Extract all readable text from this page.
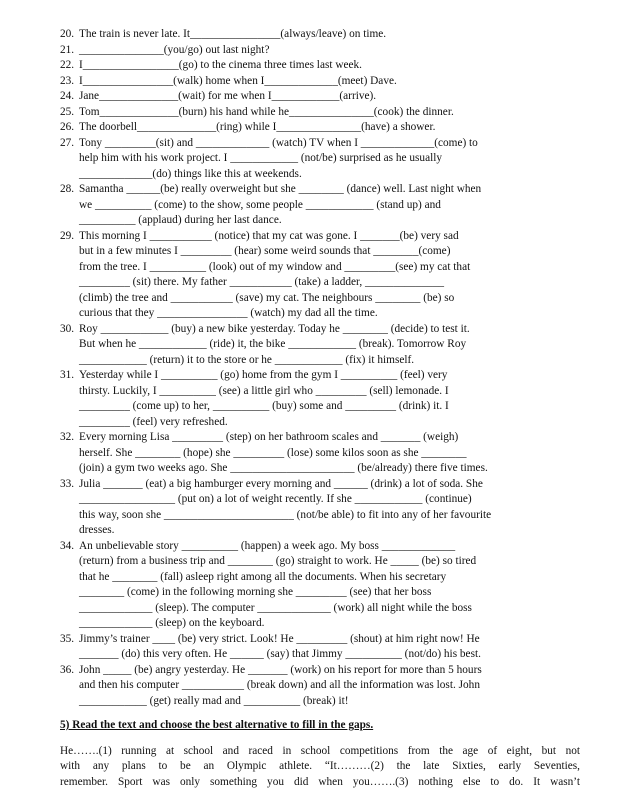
20. The train is never late. It________________(always/leave) on time.
21. _______________(you/go) out last night?
22. I_________________(go) to the cinema three times last week.
23. I________________(walk) home when I_____________(meet) Dave.
24. Jane______________(wait) for me when I____________(arrive).
25. Tom______________(burn) his hand while he_______________(cook) the dinner.
26. The doorbell______________(ring) while I_______________(have) a shower.
27. Tony _________(sit) and _____________ (watch) TV when I _____________(come) to
help him with his work project. I ____________ (not/be) surprised as he usually
_____________(do) things like this at weekends.
28. Samantha ______(be) really overweight but she ________ (dance) well. Last night when
we __________ (come) to the show, some people ____________ (stand up) and
__________ (applaud) during her last dance.
29. This morning I ___________ (notice) that my cat was gone. I _______(be) very sad
but in a few minutes I _________ (hear) some weird sounds that ________(come)
from the tree. I __________ (look) out of my window and _________(see) my cat that
_________ (sit) there. My father ___________ (take) a ladder, ______________
(climb) the tree and ___________ (save) my cat. The neighbours ________ (be) so
curious that they ________________ (watch) my dad all the time.
30. Roy ____________ (buy) a new bike yesterday. Today he ________ (decide) to test it.
But when he ____________ (ride) it, the bike ____________ (break). Tomorrow Roy
____________ (return) it to the store or he ____________ (fix) it himself.
31. Yesterday while I __________ (go) home from the gym I __________ (feel) very
thirsty. Luckily, I __________ (see) a little girl who _________ (sell) lemonade. I
_________ (come up) to her, __________ (buy) some and _________ (drink) it. I
_________ (feel) very refreshed.
32. Every morning Lisa _________ (step) on her bathroom scales and _______ (weigh)
herself. She ________ (hope) she _________ (lose) some kilos soon as she ________
(join) a gym two weeks ago. She ______________________ (be/already) there five times.
33. Julia _______ (eat) a big hamburger every morning and ______ (drink) a lot of soda. She
_________________ (put on) a lot of weight recently. If she ____________ (continue)
this way, soon she _______________________ (not/be able) to fit into any of her favourite
dresses.
34. An unbelievable story __________ (happen) a week ago. My boss _____________
(return) from a business trip and ________ (go) straight to work. He _____ (be) so tired
that he ________ (fall) asleep right among all the documents. When his secretary
________ (come) in the following morning she _________ (see) that her boss
_____________ (sleep). The computer _____________ (work) all night while the boss
_____________ (sleep) on the keyboard.
35. Jimmy’s trainer ____ (be) very strict. Look! He _________ (shout) at him right now! He
_______ (do) this very often. He ______ (say) that Jimmy __________ (not/do) his best.
36. John _____ (be) angry yesterday. He _______ (work) on his report for more than 5 hours
and then his computer ___________ (break down) and all the information was lost. John
____________ (get) really mad and __________ (break) it!
5) Read the text and choose the best alternative to fill in the gaps.
He…….(1) running at school and raced in school competitions from the age of eight, but not
with any plans to be an Olympic athlete. “It………(2) the late Sixties, early Seventies,
remember. Sport was only something you did when you…….(3) nothing else to do. It wasn’t
